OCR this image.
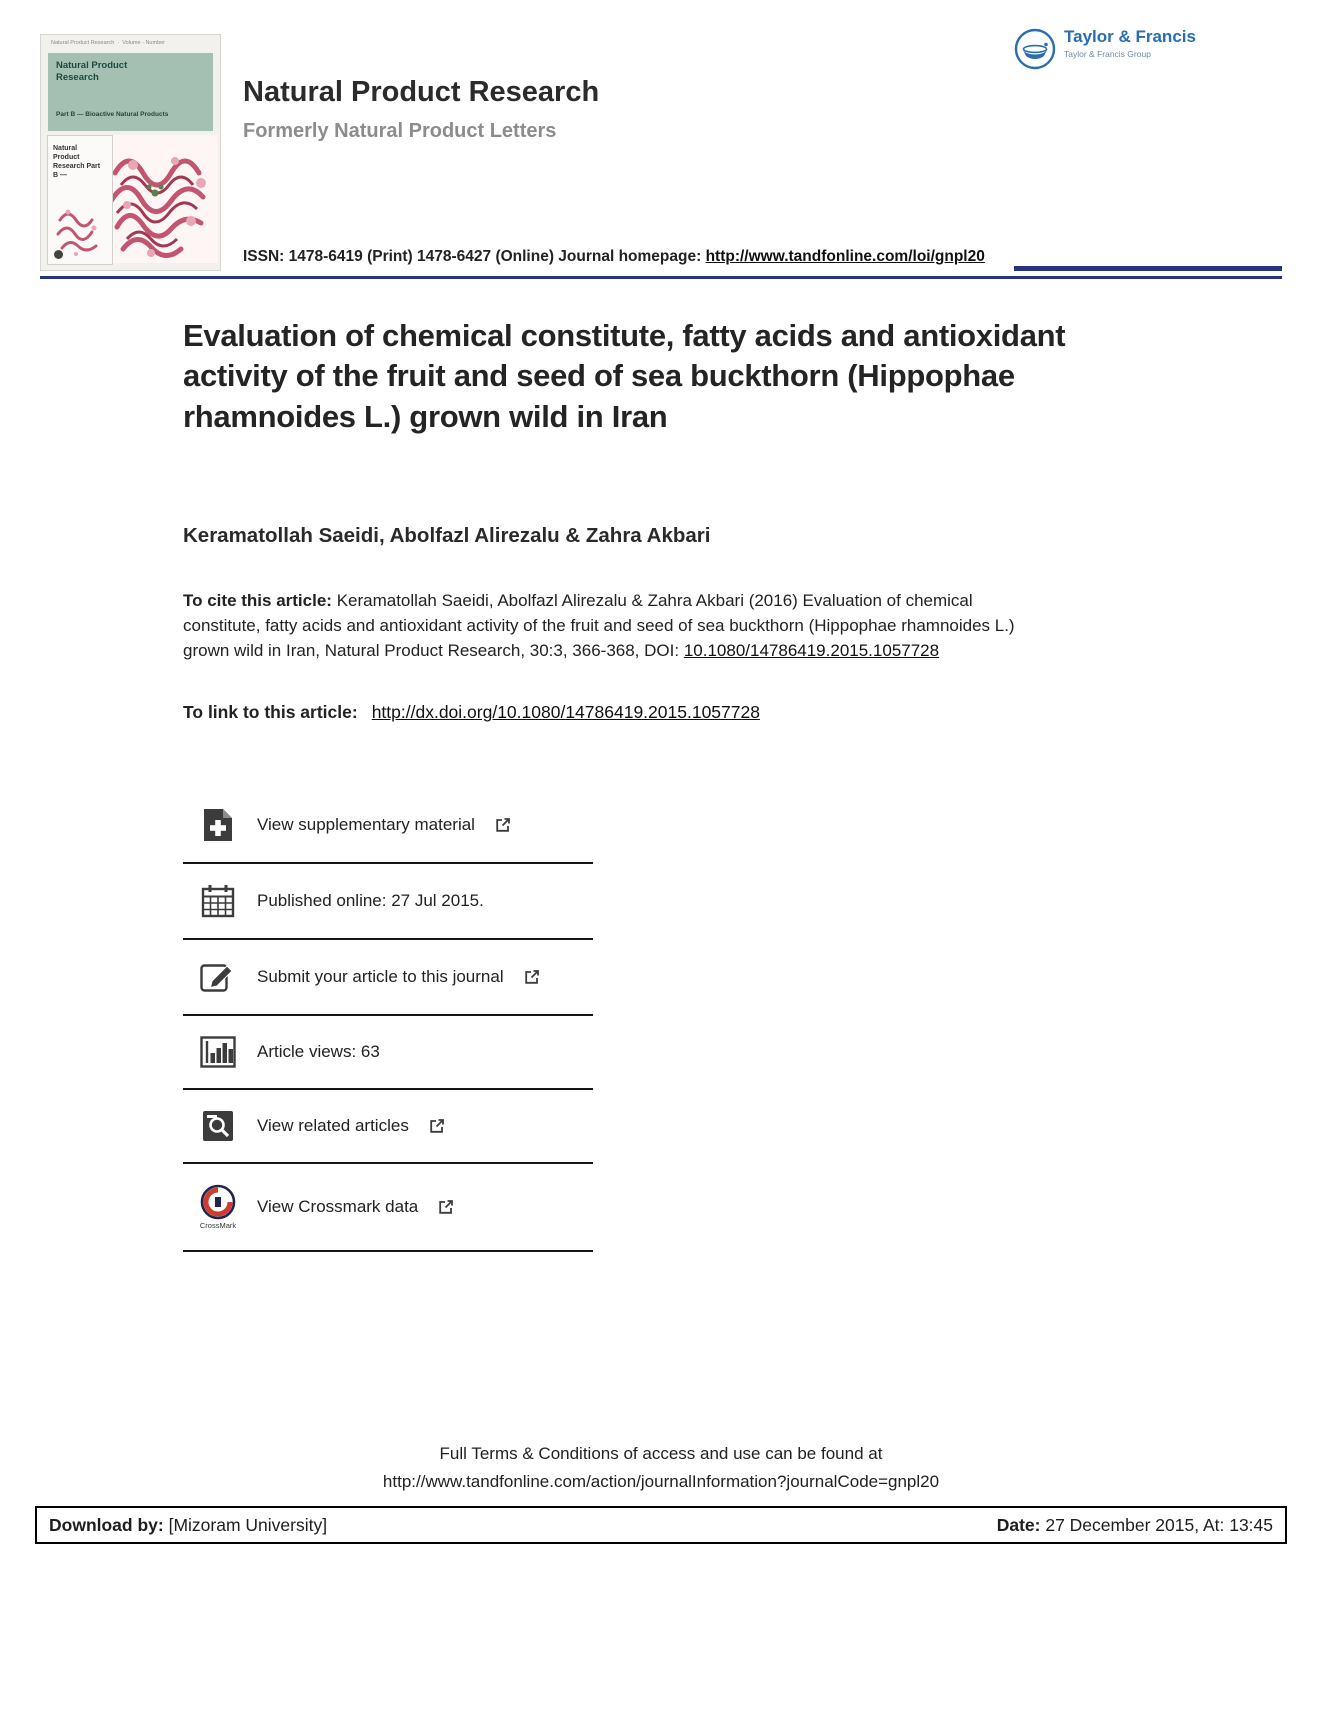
Natural Product Research  ·  Volume · Number
Natural Product Research
Part B — Bioactive Natural Products
Natural Product Research Part B —
Taylor & Francis
Taylor & Francis Group
Natural Product Research
Formerly Natural Product Letters
ISSN: 1478-6419 (Print) 1478-6427 (Online) Journal homepage: http://www.tandfonline.com/loi/gnpl20
Evaluation of chemical constitute, fatty acids and antioxidant activity of the fruit and seed of sea buckthorn (Hippophae rhamnoides L.) grown wild in Iran
Keramatollah Saeidi, Abolfazl Alirezalu & Zahra Akbari

To cite this article: Keramatollah Saeidi, Abolfazl Alirezalu & Zahra Akbari (2016) Evaluation of chemical constitute, fatty acids and antioxidant activity of the fruit and seed of sea buckthorn (Hippophae rhamnoides L.) grown wild in Iran, Natural Product Research, 30:3, 366-368, DOI: 10.1080/14786419.2015.1057728

To link to this article: http://dx.doi.org/10.1080/14786419.2015.1057728

View supplementary material
Published online: 27 Jul 2015.
Submit your article to this journal
Article views: 63
View related articles
CrossMark
View Crossmark data
Full Terms & Conditions of access and use can be found at
http://www.tandfonline.com/action/journalInformation?journalCode=gnpl20
Download by: [Mizoram University]	Date: 27 December 2015, At: 13:45
